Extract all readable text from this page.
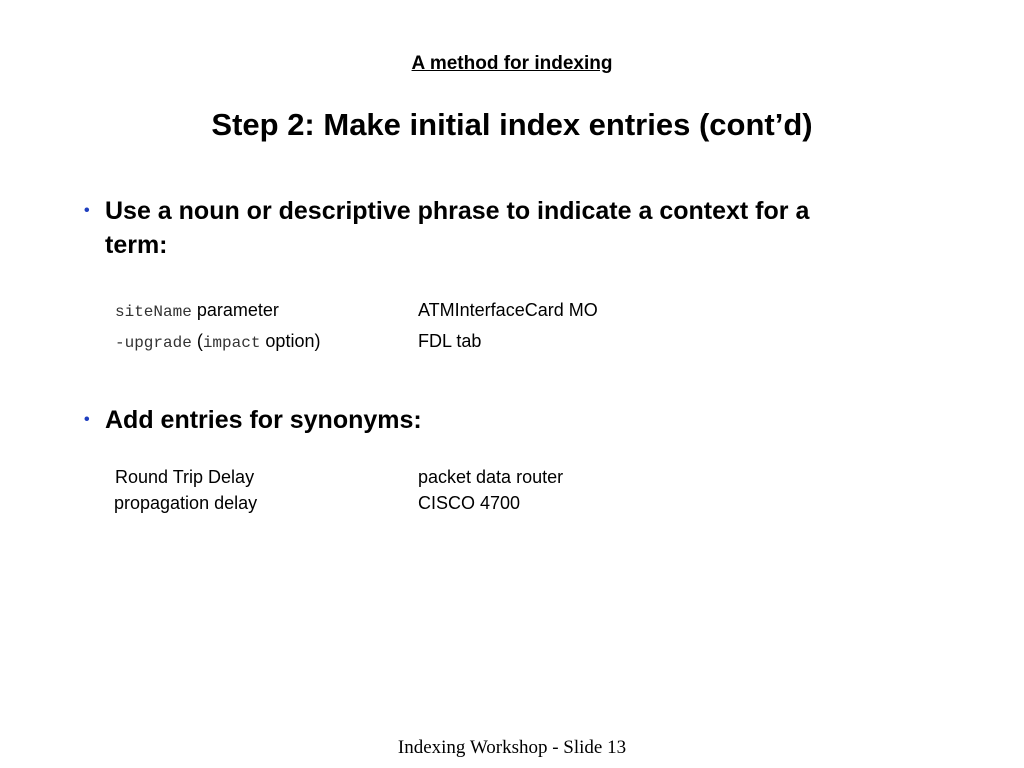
A method for indexing
Step 2: Make initial index entries (cont’d)
• Use a noun or descriptive phrase to indicate a context for a term:
siteName parameter	ATMInterfaceCard MO
-upgrade (impact option)	FDL tab
• Add entries for synonyms:
Round Trip Delay	packet data router
propagation delay	CISCO 4700
Indexing Workshop - Slide 13
